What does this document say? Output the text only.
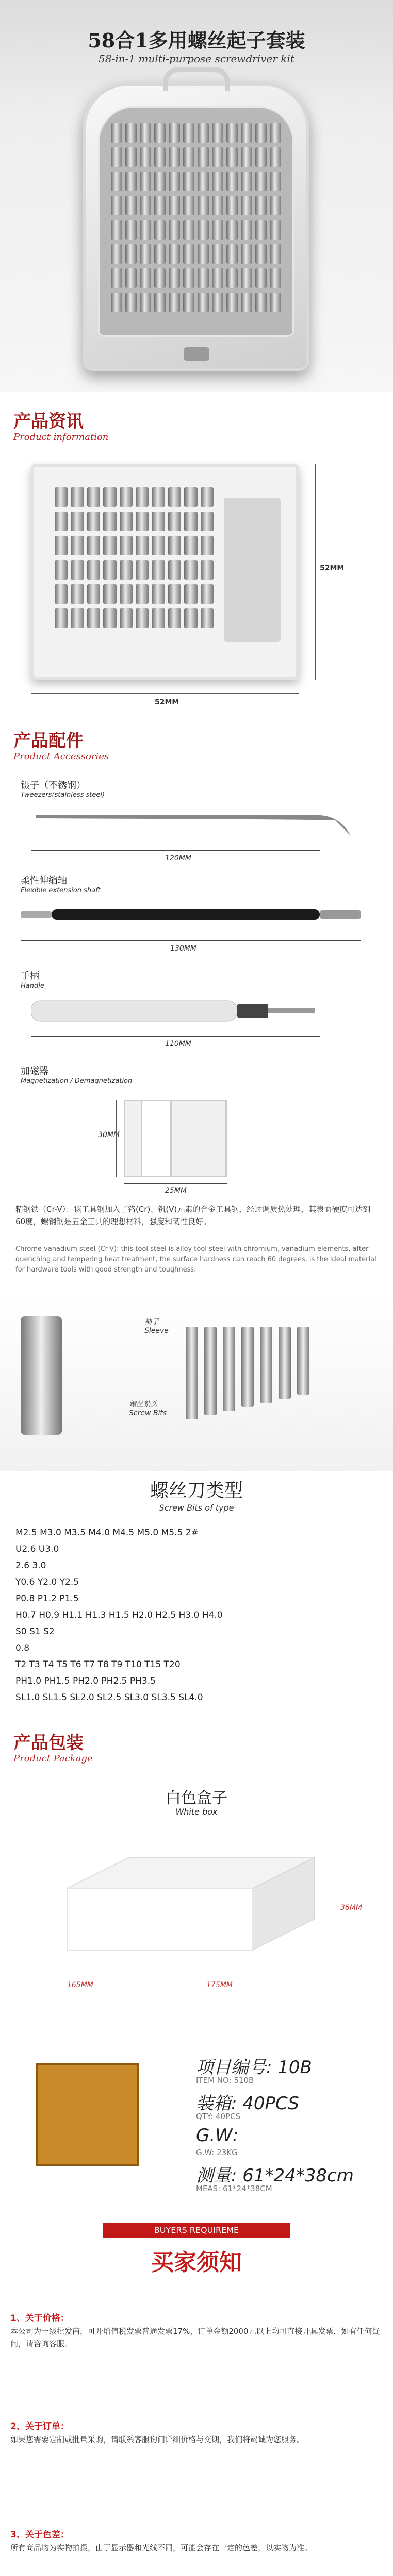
58合1多用螺丝起子套装
58-in-1 multi-purpose screwdriver kit
产品资讯
Product information
52MM
52MM
产品配件
Product Accessories
镊子（不锈钢）
Tweezers(stainless steel)
120MM
柔性伸缩轴
Flexible extension shaft
130MM
手柄
Handle
110MM
加磁器
Magnetization / Demagnetization
30MM
25MM
精钢铁（Cr-V）：该工具钢加入了铬(Cr)、钒(V)元素的合金工具钢，经过调质热处理，其表面硬度可达到60度，螺钢钢是五金工具的理想材料，强度和韧性良好。
Chrome vanadium steel (Cr-V): this tool steel is alloy tool steel with chromium, vanadium elements, after quenching and tempering heat treatment, the surface hardness can reach 60 degrees, is the ideal material for hardware tools with good strength and toughness.
袖子
Sleeve
螺丝钻头
Screw Bits
螺丝刀类型
Screw Bits of type
M2.5 M3.0 M3.5 M4.0 M4.5 M5.0 M5.5 2#
U2.6 U3.0
2.6 3.0
Y0.6 Y2.0 Y2.5
P0.8 P1.2 P1.5
H0.7 H0.9 H1.1 H1.3 H1.5 H2.0 H2.5 H3.0 H4.0
S0 S1 S2
0.8
T2 T3 T4 T5 T6 T7 T8 T9 T10 T15 T20
PH1.0 PH1.5 PH2.0 PH2.5 PH3.5
SL1.0 SL1.5 SL2.0 SL2.5 SL3.0 SL3.5 SL4.0
产品包装
Product Package
白色盒子
White box
165MM	175MM
36MM
项目编号: 10B
ITEM NO: 510B
装箱: 40PCS
QTY: 40PCS
G.W:
G.W: 23KG
测量: 61*24*38cm
MEAS: 61*24*38CM
BUYERS REQUIREME
买家须知
1、关于价格：
本公司为一级批发商，可开增值税发票普通发票17%，订单金额2000元以上均可直接开具发票，如有任何疑问，请咨询客服。
2、关于订单：
如果您需要定制或批量采购，请联系客服询问详细价格与交期，我们将竭诚为您服务。
3、关于色差：
所有商品均为实物拍摄，由于显示器和光线不同，可能会存在一定的色差，以实物为准。
